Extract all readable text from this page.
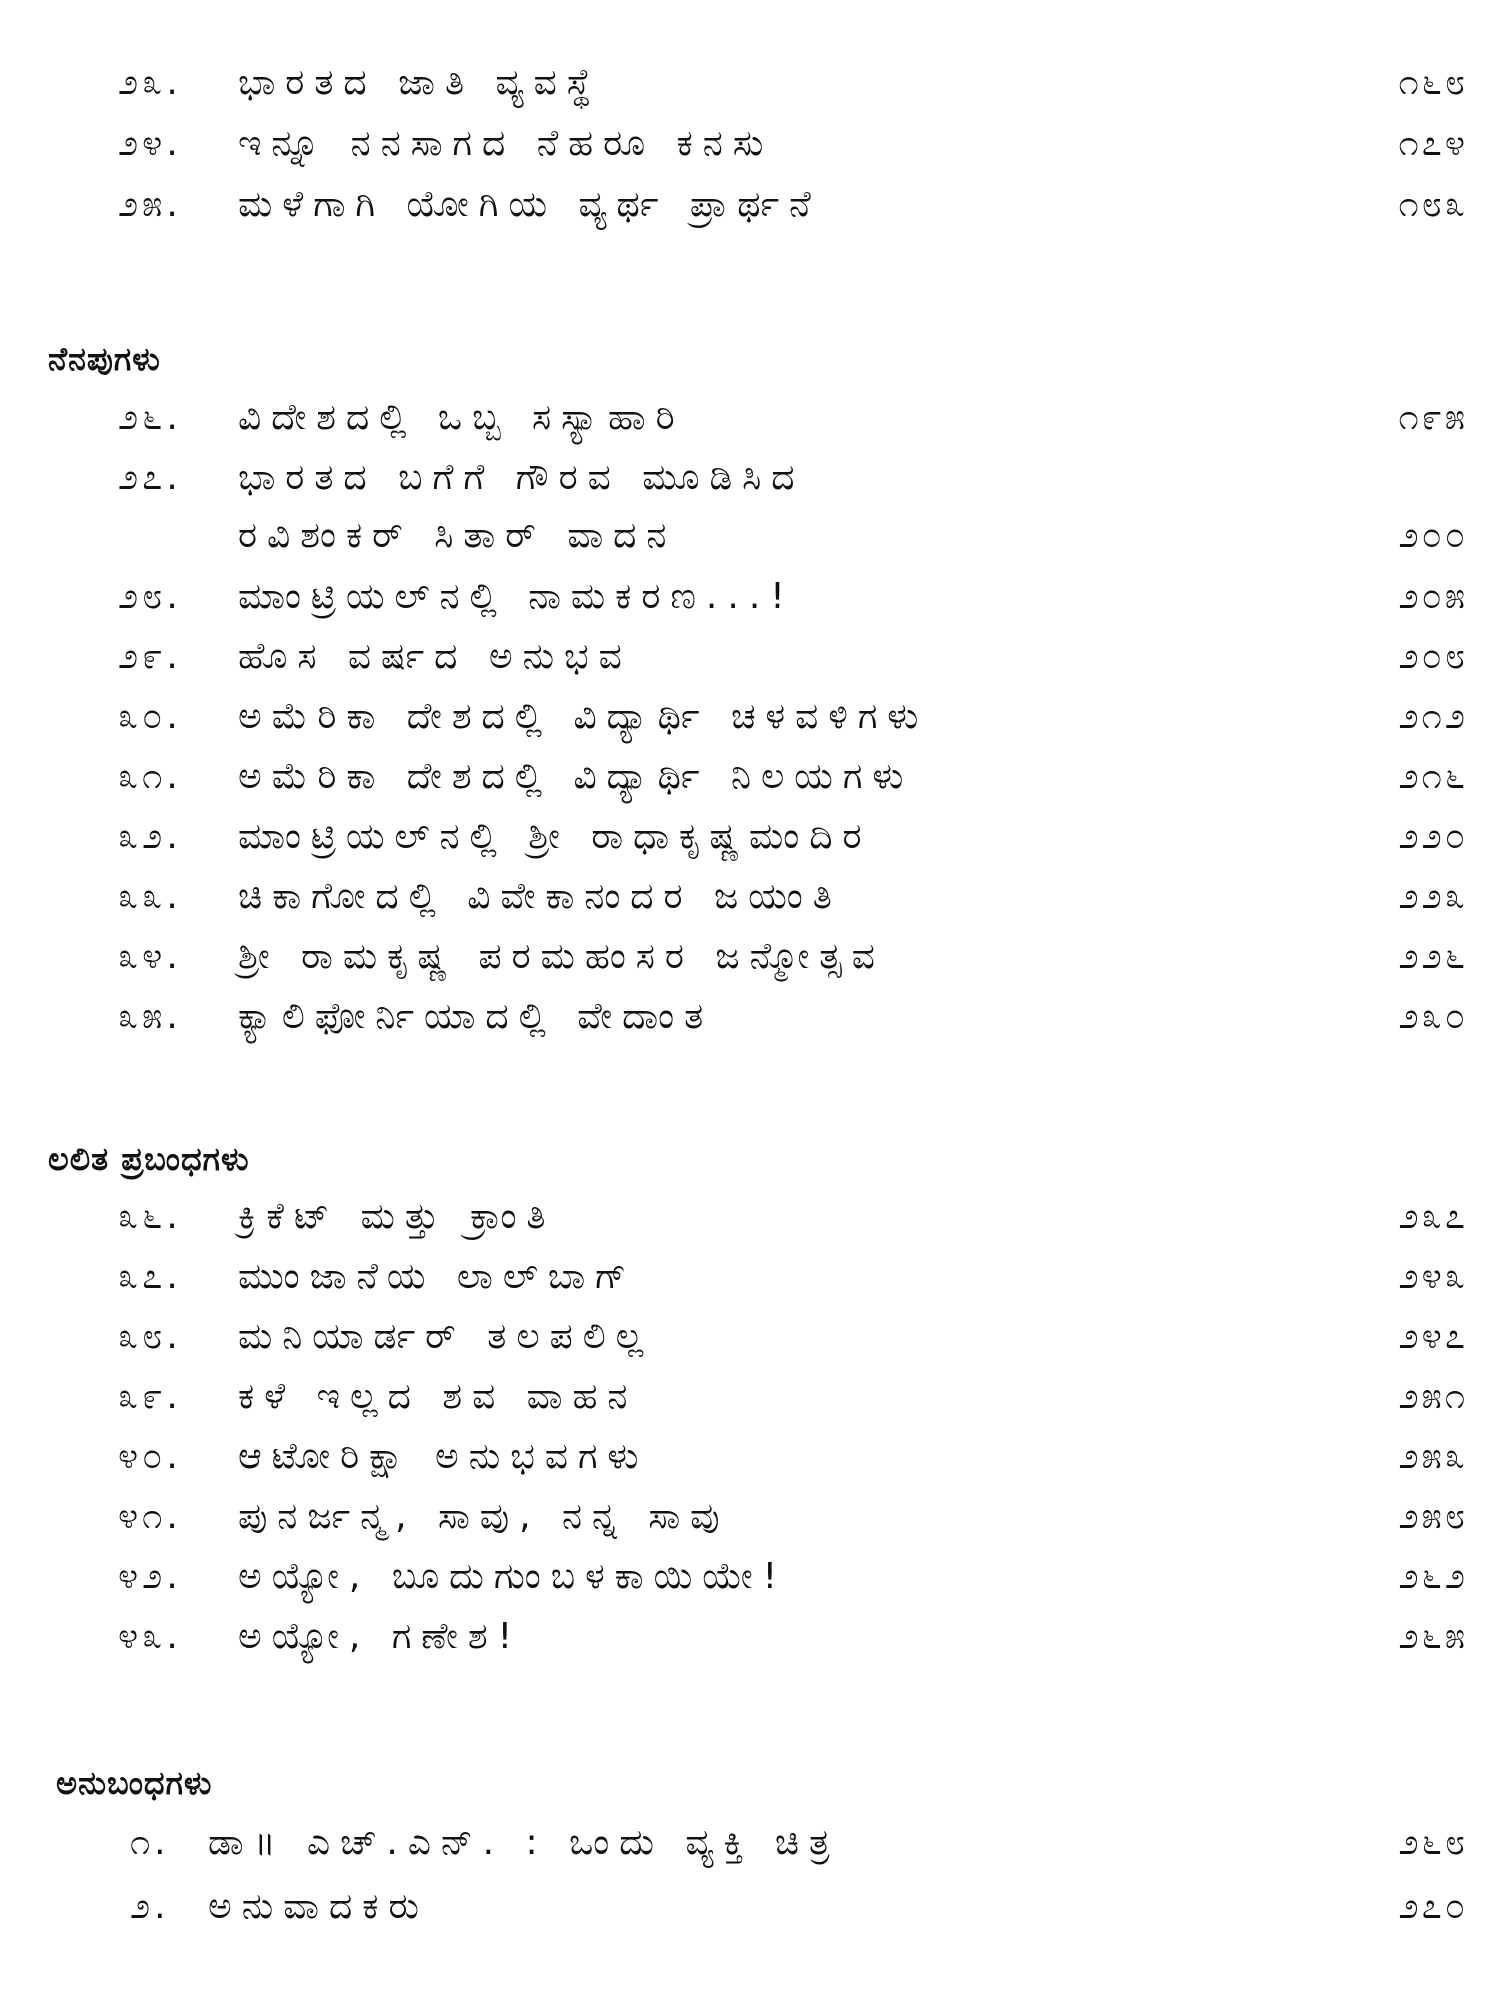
೨೩. ಭಾರತದ ಜಾತಿ ವ್ಯವಸ್ಥೆ	೧೬೮
೨೪. ಇನ್ನೂ ನನಸಾಗದ ನೆಹರೂ ಕನಸು	೧೭೪
೨೫. ಮಳೆಗಾಗಿ ಯೋಗಿಯ ವ್ಯರ್ಥ ಪ್ರಾರ್ಥನೆ	೧೮೩
ನೆನಪುಗಳು
೨೬. ವಿದೇಶದಲ್ಲಿ ಒಬ್ಬ ಸಸ್ಯಾಹಾರಿ	೧೯೫
೨೭. ಭಾರತದ ಬಗೆಗೆ ಗೌರವ ಮೂಡಿಸಿದ
ರವಿಶಂಕರ್ ಸಿತಾರ್ ವಾದನ	೨೦೦
೨೮. ಮಾಂಟ್ರಿಯಲ್‌ನಲ್ಲಿ ನಾಮಕರಣ...!	೨೦೫
೨೯. ಹೊಸ ವರ್ಷದ ಅನುಭವ	೨೦೮
೩೦. ಅಮೆರಿಕಾ ದೇಶದಲ್ಲಿ ವಿದ್ಯಾರ್ಥಿ ಚಳವಳಿಗಳು	೨೧೨
೩೧. ಅಮೆರಿಕಾ ದೇಶದಲ್ಲಿ ವಿದ್ಯಾರ್ಥಿ ನಿಲಯಗಳು	೨೧೬
೩೨. ಮಾಂಟ್ರಿಯಲ್‌ನಲ್ಲಿ ಶ್ರೀ ರಾಧಾಕೃಷ್ಣಮಂದಿರ	೨೨೦
೩೩. ಚಿಕಾಗೋದಲ್ಲಿ ವಿವೇಕಾನಂದರ ಜಯಂತಿ	೨೨೩
೩೪. ಶ್ರೀ ರಾಮಕೃಷ್ಣ ಪರಮಹಂಸರ ಜನ್ಮೋತ್ಸವ	೨೨೬
೩೫. ಕ್ಯಾಲಿಫೋರ್ನಿಯಾದಲ್ಲಿ ವೇದಾಂತ	೨೩೦
ಲಲಿತ ಪ್ರಬಂಧಗಳು
೩೬. ಕ್ರಿಕೆಟ್ ಮತ್ತು ಕ್ರಾಂತಿ	೨೩೭
೩೭. ಮುಂಜಾನೆಯ ಲಾಲ್‌ಬಾಗ್	೨೪೩
೩೮. ಮನಿಯಾರ್ಡರ್ ತಲಪಲಿಲ್ಲ	೨೪೭
೩೯. ಕಳೆ ಇಲ್ಲದ ಶವ ವಾಹನ	೨೫೧
೪೦. ಆಟೋರಿಕ್ಷಾ ಅನುಭವಗಳು	೨೫೩
೪೧. ಪುನರ್ಜನ್ಮ, ಸಾವು, ನನ್ನ ಸಾವು	೨೫೮
೪೨. ಅಯ್ಯೋ, ಬೂದುಗುಂಬಳಕಾಯಿಯೇ!	೨೬೨
೪೩. ಅಯ್ಯೋ, ಗಣೇಶ!	೨೬೫
ಅನುಬಂಧಗಳು
೧. ಡಾ॥ ಎಚ್.ಎನ್. : ಒಂದು ವ್ಯಕ್ತಿ ಚಿತ್ರ	೨೬೮
೨. ಅನುವಾದಕರು	೨೭೦
